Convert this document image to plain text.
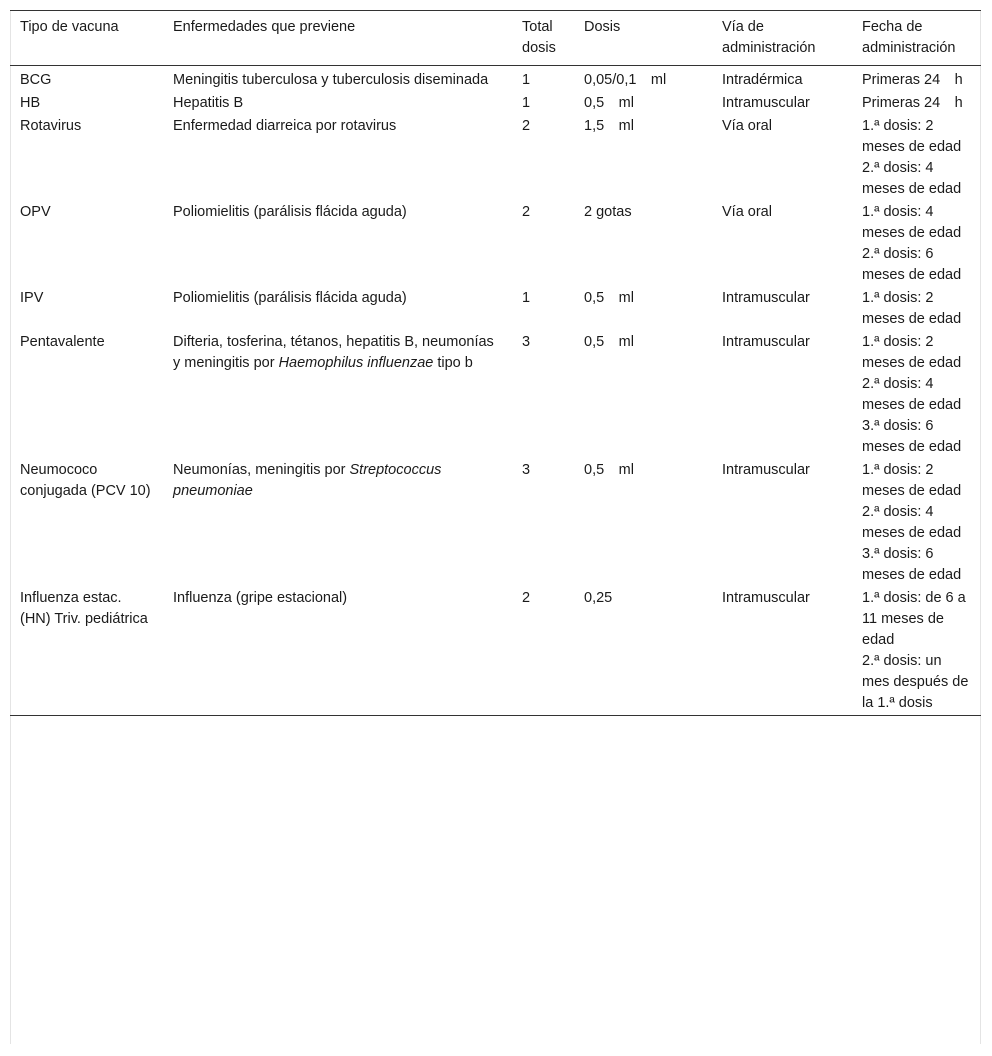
Tipo de vacuna	Enfermedades que previene	Total dosis	Dosis	Vía de administración	Fecha de administración
BCG	Meningitis tuberculosa y tuberculosis diseminada	1	0,05/0,1 ml	Intradérmica	Primeras 24 h

HB	Hepatitis B	1	0,5 ml	Intramuscular	Primeras 24 h

Rotavirus	Enfermedad diarreica por rotavirus	2	1,5 ml	Vía oral	1.ª dosis: 2 meses de edad
2.ª dosis: 4 meses de edad

OPV	Poliomielitis (parálisis flácida aguda)	2	2 gotas	Vía oral	1.ª dosis: 4 meses de edad 2.ª dosis: 6 meses de edad

IPV	Poliomielitis (parálisis flácida aguda)	1	0,5 ml	Intramuscular	1.ª dosis: 2 meses de edad

Pentavalente	Difteria, tosferina, tétanos, hepatitis B, neumonías y meningitis por Haemophilus influenzae tipo b	3	0,5 ml	Intramuscular	1.ª dosis: 2 meses de edad
2.ª dosis: 4 meses de edad
3.ª dosis: 6 meses de edad

Neumococo conjugada (PCV 10)	Neumonías, meningitis por Streptococcus pneumoniae	3	0,5 ml	Intramuscular	1.ª dosis: 2 meses de edad
2.ª dosis: 4 meses de edad
3.ª dosis: 6 meses de edad

Influenza estac. (HN) Triv. pediátrica	Influenza (gripe estacional)	2	0,25	Intramuscular	1.ª dosis: de 6 a 11 meses de edad
2.ª dosis: un mes después de la 1.ª dosis
